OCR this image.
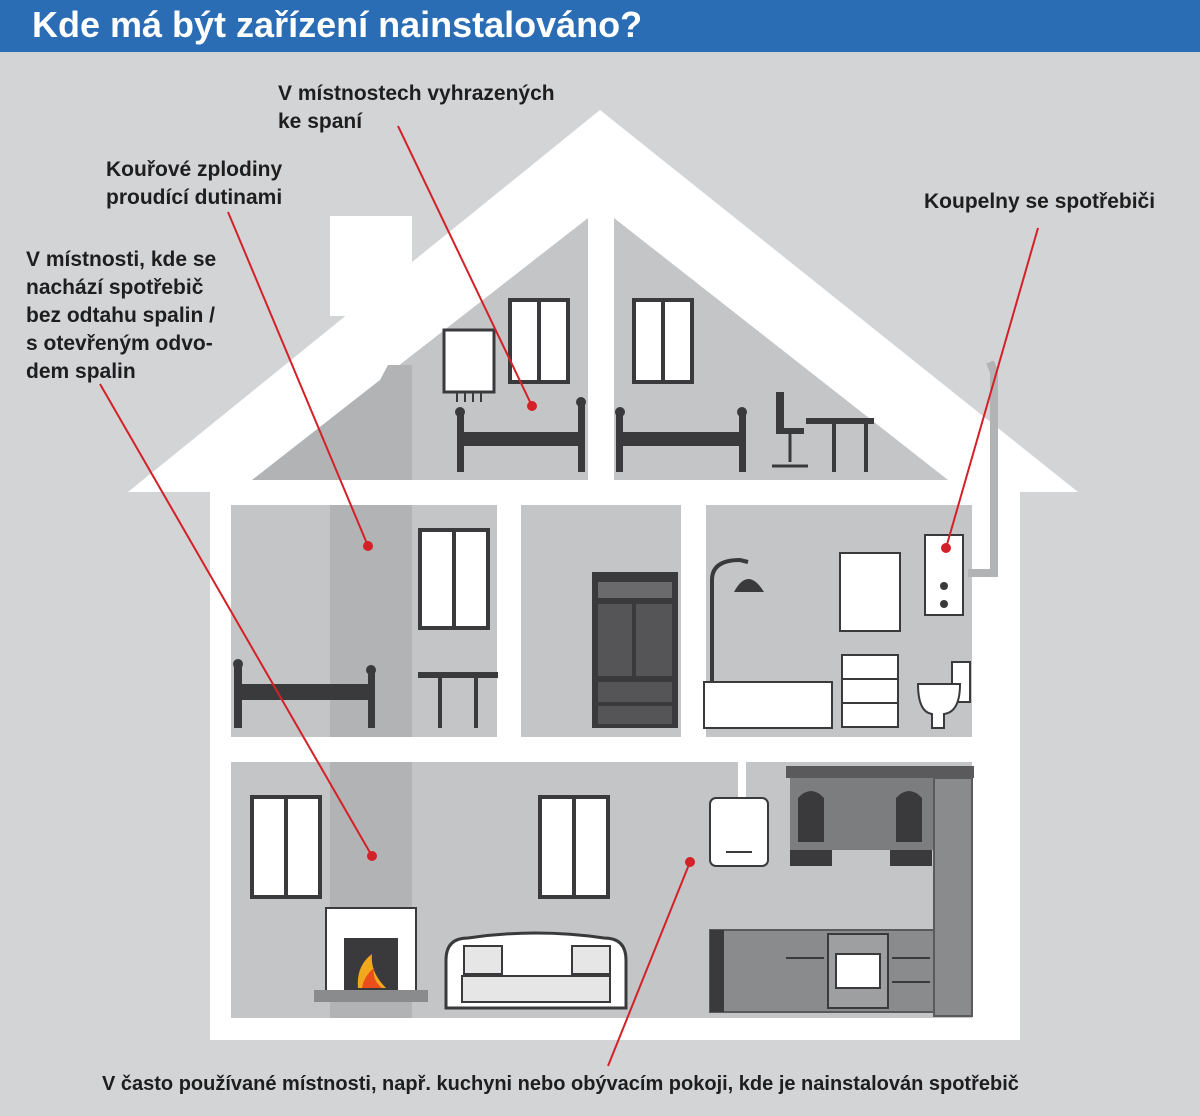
Kde má být zařízení nainstalováno?
V místnostech vyhrazených
ke spaní
Kouřové zplodiny
proudící dutinami
V místnosti, kde se
nachází spotřebič
bez odtahu spalin /
s otevřeným odvo-
dem spalin
Koupelny se spotřebiči
V často používané místnosti, např. kuchyni nebo obývacím pokoji, kde je nainstalován spotřebič
